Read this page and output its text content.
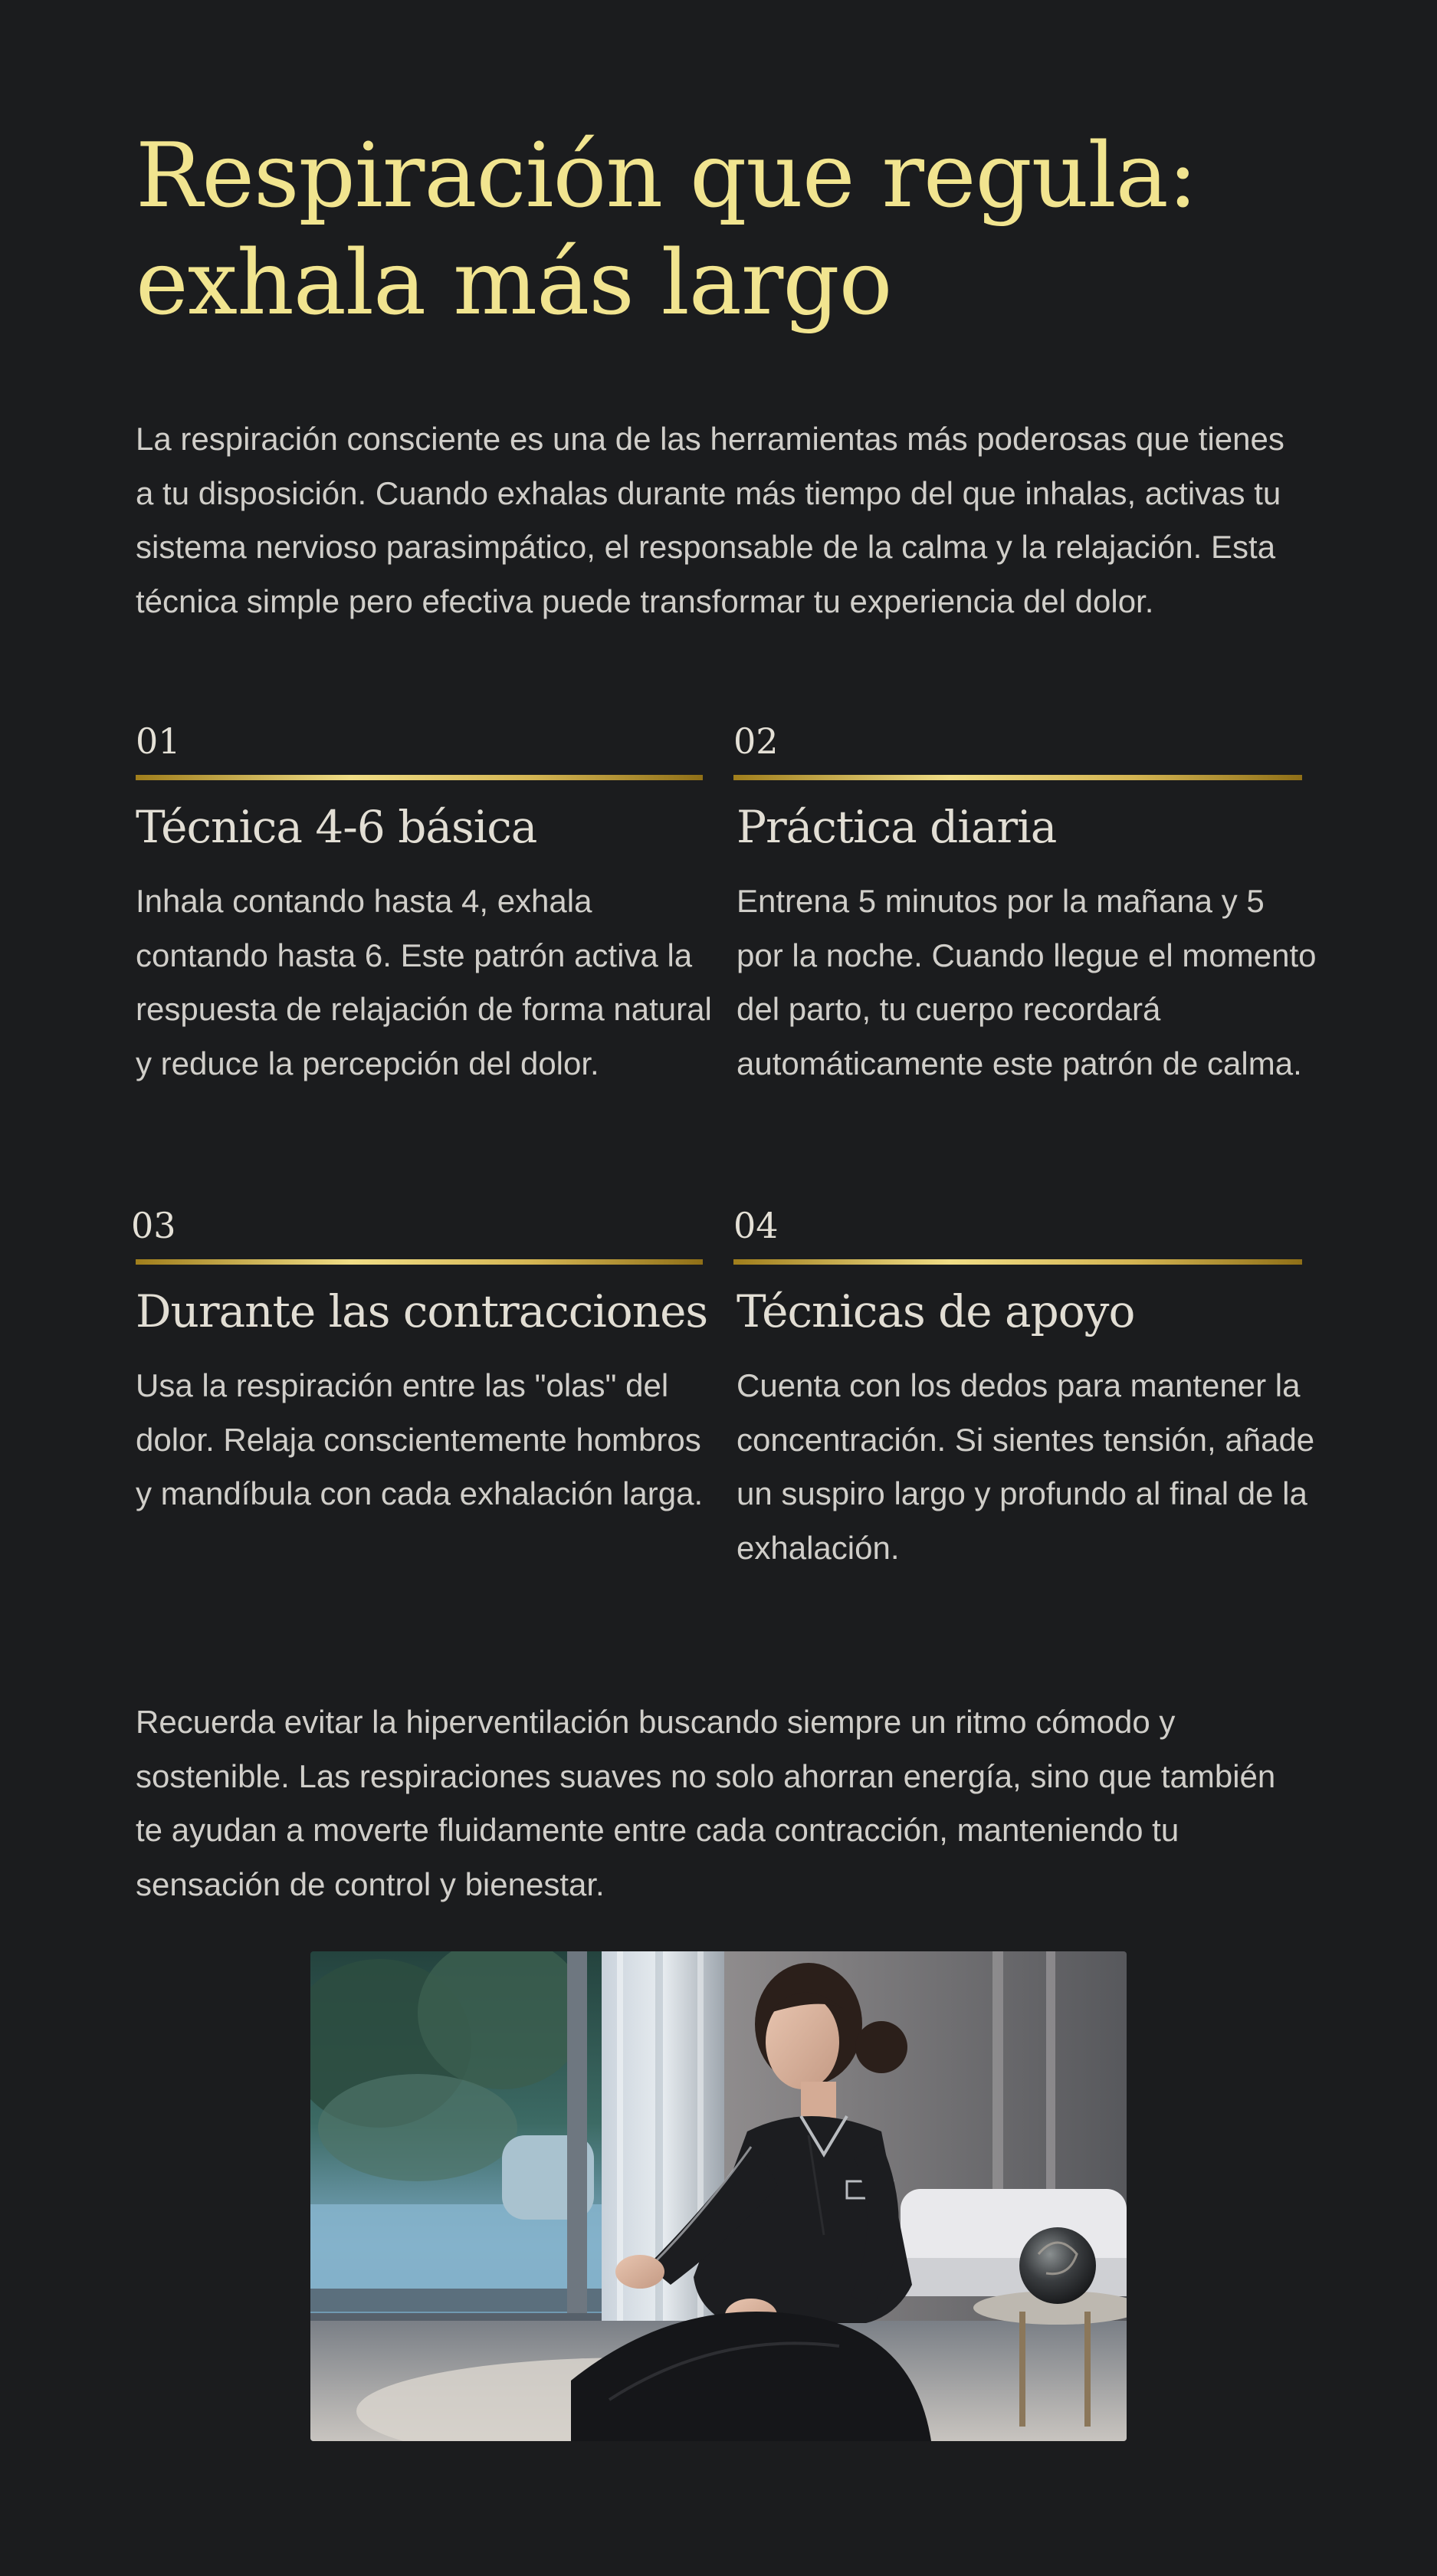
Respiración que regula:
exhala más largo

La respiración consciente es una de las herramientas más poderosas que tienes a tu disposición. Cuando exhalas durante más tiempo del que inhalas, activas tu sistema nervioso parasimpático, el responsable de la calma y la relajación. Esta técnica simple pero efectiva puede transformar tu experiencia del dolor.

01
Técnica 4-6 básica

Inhala contando hasta 4, exhala contando hasta 6. Este patrón activa la respuesta de relajación de forma natural y reduce la percepción del dolor.

02
Práctica diaria

Entrena 5 minutos por la mañana y 5 por la noche. Cuando llegue el momento del parto, tu cuerpo recordará automáticamente este patrón de calma.

03
Durante las contracciones

Usa la respiración entre las "olas" del dolor. Relaja conscientemente hombros y mandíbula con cada exhalación larga.

04
Técnicas de apoyo

Cuenta con los dedos para mantener la concentración. Si sientes tensión, añade un suspiro largo y profundo al final de la exhalación.

Recuerda evitar la hiperventilación buscando siempre un ritmo cómodo y sostenible. Las respiraciones suaves no solo ahorran energía, sino que también te ayudan a moverte fluidamente entre cada contracción, manteniendo tu sensación de control y bienestar.
